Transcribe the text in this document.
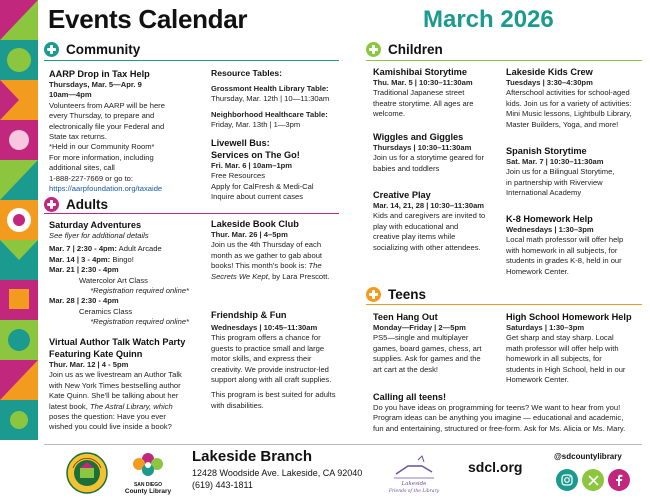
Events Calendar	March 2026
Community
Adults
Children
Teens
AARP Drop in Tax Help
Thursdays, Mar. 5—Apr. 9
10am—4pm
Volunteers from AARP will be here
every Thursday, to prepare and
electronically file your Federal and
State tax returns.
*Held in our Community Room*
For more information, including
additional sites, call
1-888-227-7669 or go to:
https://aarpfoundation.org/taxaide
Resource Tables:
Grossmont Health Library Table:
Thursday, Mar. 12th | 10—11:30am
Neighborhood Healthcare Table:
Friday, Mar. 13th | 1—3pm
Livewell Bus:
Services on The Go!
Fri. Mar. 6 | 10am–1pm
Free Resources
Apply for CalFresh & Medi-Cal
Inquire about current cases
Saturday Adventures
See flyer for additional details
Mar. 7 | 2:30 - 4pm: Adult Arcade
Mar. 14 | 3 - 4pm: Bingo!
Mar. 21 | 2:30 - 4pm
Watercolor Art Class
*Registration required online*
Mar. 28 | 2:30 - 4pm
Ceramics Class
*Registration required online*
Virtual Author Talk Watch Party
Featuring Kate Quinn
Thur. Mar. 12 | 4 - 5pm
Join us as we livestream an Author Talk
with New York Times bestselling author
Kate Quinn. She'll be talking about her
latest book, The Astral Library, which
poses the question: Have you ever
wished you could live inside a book?
Lakeside Book Club
Thur. Mar. 26 | 4–5pm
Join us the 4th Thursday of each
month as we gather to gab about
books! This month's book is: The
Secrets We Kept, by Lara Prescott.
Friendship & Fun
Wednesdays | 10:45–11:30am
This program offers a chance for
guests to practice small and large
motor skills, and express their
creativity. We provide instructor-led
support along with all craft supplies.
This program is best suited for adults
with disabilities.
Kamishibai Storytime
Thu. Mar. 5 | 10:30–11:30am
Traditional Japanese street
theatre storytime. All ages are
welcome.
Wiggles and Giggles
Thursdays | 10:30–11:30am
Join us for a storytime geared for
babies and toddlers
Creative Play
Mar. 14, 21, 28 | 10:30–11:30am
Kids and caregivers are invited to
play with educational and
creative play items while
socializing with other attendees.
Lakeside Kids Crew
Tuesdays | 3:30–4:30pm
Afterschool activities for school-aged
kids. Join us for a variety of activities:
Mini Music lessons, Lightbulb Library,
Master Builders, Yoga, and more!
Spanish Storytime
Sat. Mar. 7 | 10:30–11:30am
Join us for a Bilingual Storytime,
in partnership with Riverview
International Academy
K-8 Homework Help
Wednesdays | 1:30–3pm
Local math professor will offer help
with homework in all subjects, for
students in grades K-8, held in our
Homework Center.
Teen Hang Out
Monday—Friday | 2—5pm
PS5—single and multiplayer
games, board games, chess, art
supplies. Ask for games and the
art cart at the desk!
High School Homework Help
Saturdays | 1:30–3pm
Get sharp and stay sharp. Local
math professor will offer help with
homework in all subjects, for
students in High School, held in our
Homework Center.
Calling all teens!
Do you have ideas on programming for teens? We want to hear from you!
Program ideas can be anything you imagine — educational and academic,
fun and entertaining, structured or free-form. Ask for Ms. Alicia or Ms. Mary.
SAN DIEGO
County Library
Lakeside Branch
12428 Woodside Ave. Lakeside, CA 92040
(619) 443-1811	Lakeside
Friends of the Library
sdcl.org
@sdcountylibrary
